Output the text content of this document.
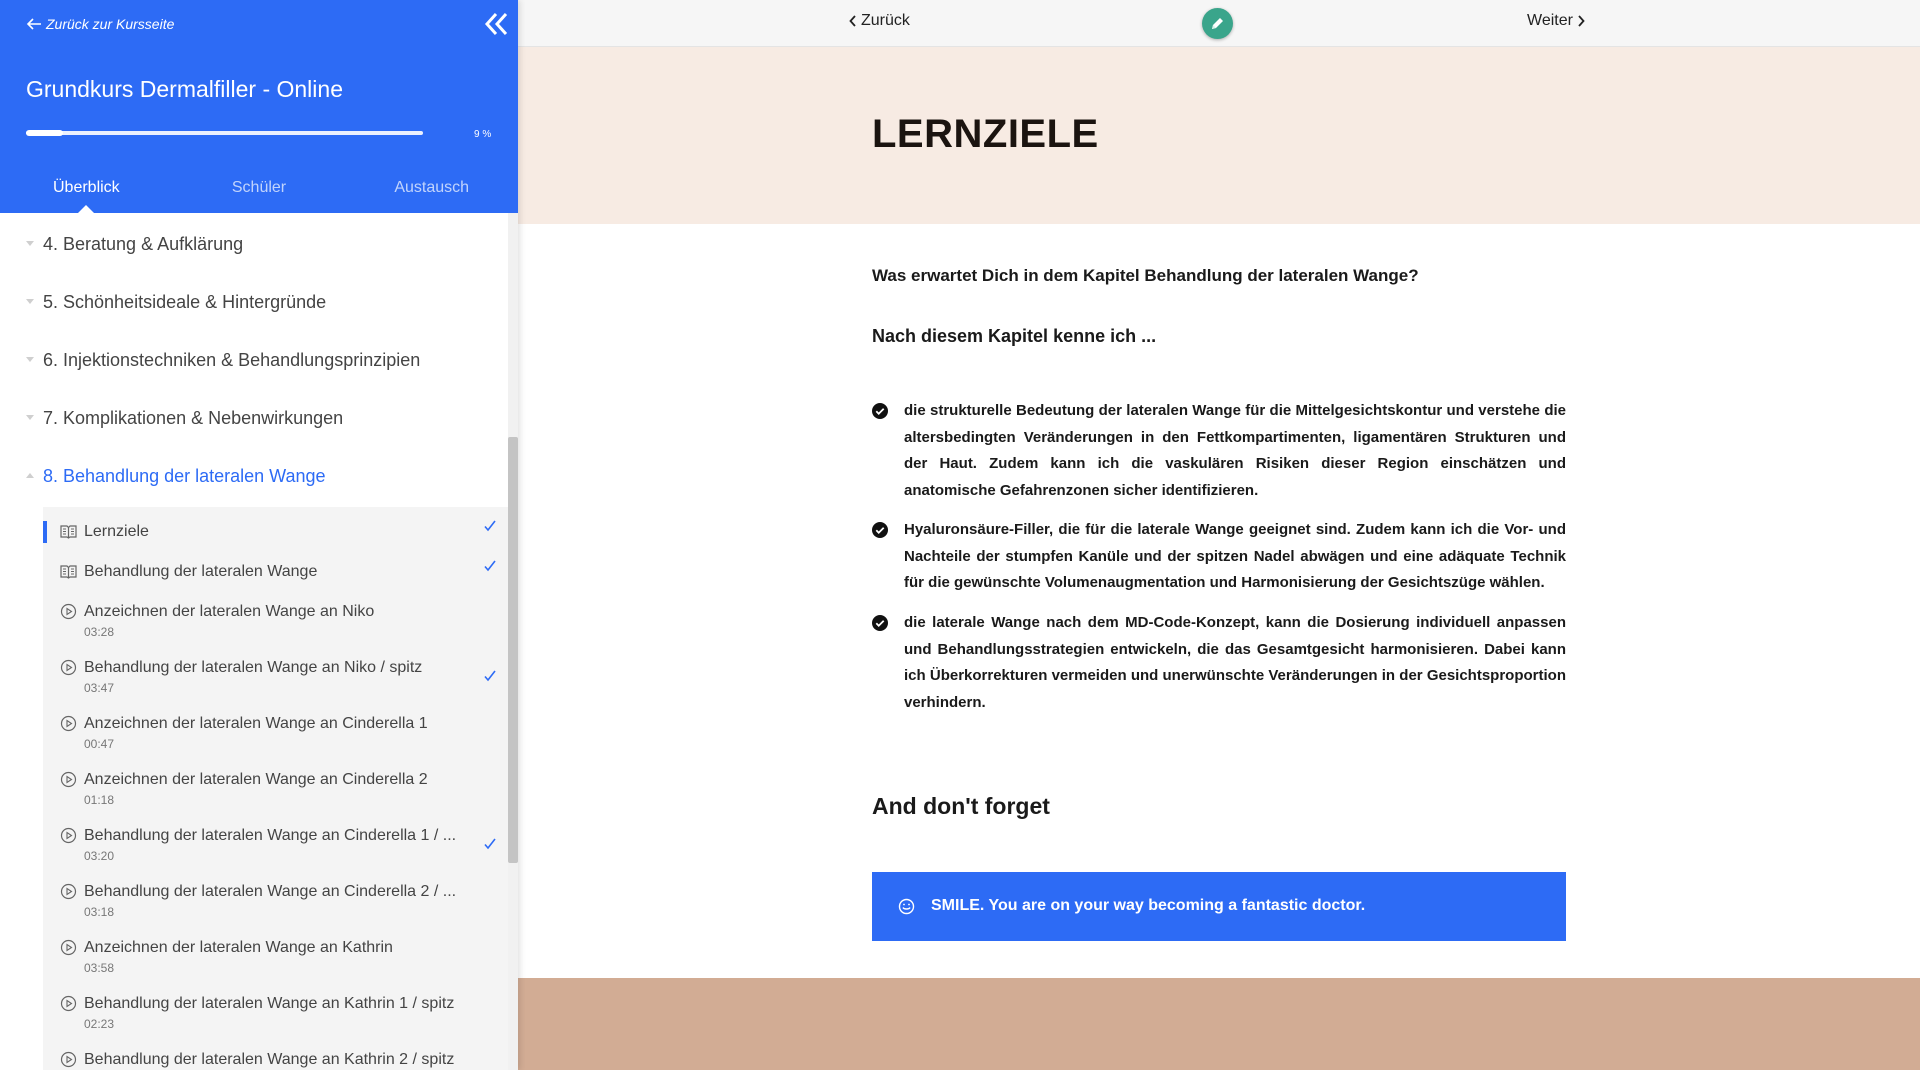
Zurück zur Kursseite
Grundkurs Dermalfiller - Online
9 %
Überblick	Schüler	Austausch
4. Beratung & Aufklärung
5. Schönheitsideale & Hintergründe
6. Injektionstechniken & Behandlungsprinzipien
7. Komplikationen & Nebenwirkungen
8. Behandlung der lateralen Wange
Lernziele
Behandlung der lateralen Wange
Anzeichnen der lateralen Wange an Niko
03:28
Behandlung der lateralen Wange an Niko / spitz
03:47
Anzeichnen der lateralen Wange an Cinderella 1
00:47
Anzeichnen der lateralen Wange an Cinderella 2
01:18
Behandlung der lateralen Wange an Cinderella 1 / ...
03:20
Behandlung der lateralen Wange an Cinderella 2 / ...
03:18
Anzeichnen der lateralen Wange an Kathrin
03:58
Behandlung der lateralen Wange an Kathrin 1 / spitz
02:23
Behandlung der lateralen Wange an Kathrin 2 / spitz
Zurück	Weiter
LERNZIELE
Was erwartet Dich in dem Kapitel Behandlung der lateralen Wange?
Nach diesem Kapitel kenne ich ...
die strukturelle Bedeutung der lateralen Wange für die Mittelgesichtskontur und verstehe die altersbedingten Veränderungen in den Fettkompartimenten, ligamentären Strukturen und der Haut. Zudem kann ich die vaskulären Risiken dieser Region einschätzen und anatomische Gefahrenzonen sicher identifizieren.
Hyaluronsäure-Filler, die für die laterale Wange geeignet sind. Zudem kann ich die Vor- und Nachteile der stumpfen Kanüle und der spitzen Nadel abwägen und eine adäquate Technik für die gewünschte Volumenaugmentation und Harmonisierung der Gesichtszüge wählen.
die laterale Wange nach dem MD-Code-Konzept, kann die Dosierung individuell anpassen und Behandlungsstrategien entwickeln, die das Gesamtgesicht harmonisieren. Dabei kann ich Überkorrekturen vermeiden und unerwünschte Veränderungen in der Gesichtsproportion verhindern.
And don't forget
SMILE. You are on your way becoming a fantastic doctor.
